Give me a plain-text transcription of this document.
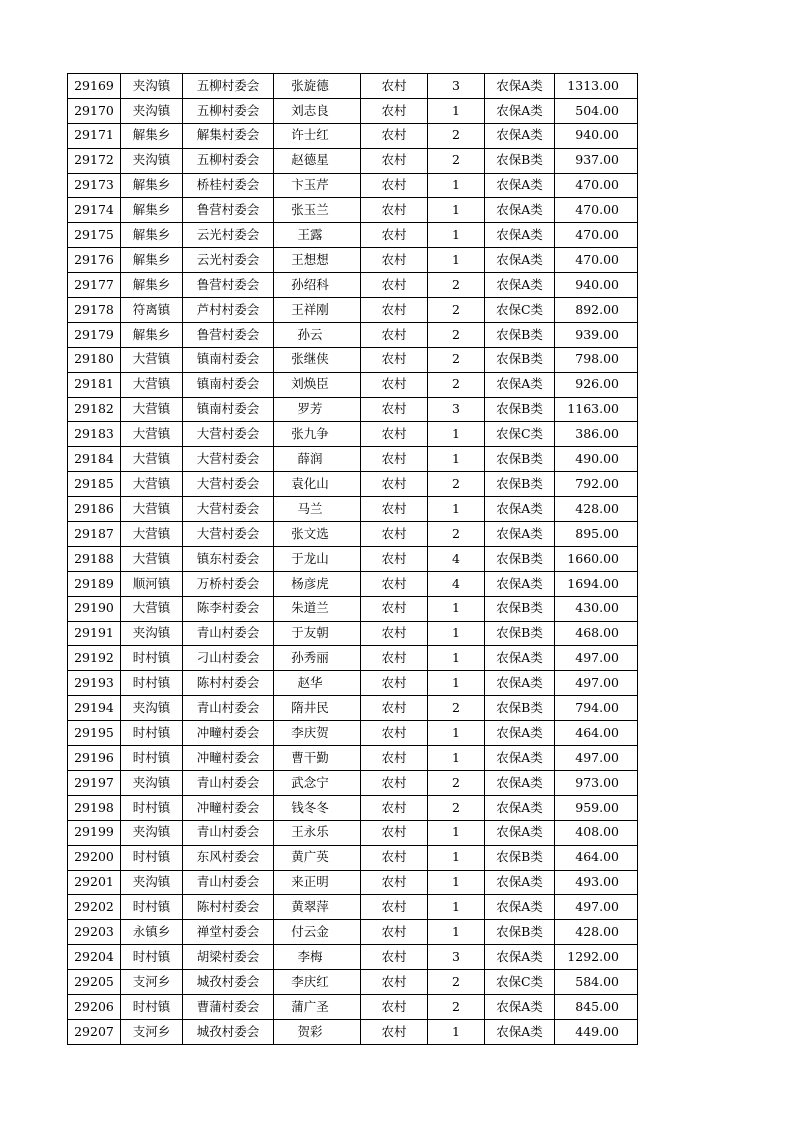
29169	夹沟镇	五柳村委会	张旋德	农村	3	农保A类	1313.00
29170	夹沟镇	五柳村委会	刘志良	农村	1	农保A类	504.00
29171	解集乡	解集村委会	许士红	农村	2	农保A类	940.00
29172	夹沟镇	五柳村委会	赵德星	农村	2	农保B类	937.00
29173	解集乡	桥桂村委会	卞玉芹	农村	1	农保A类	470.00
29174	解集乡	鲁营村委会	张玉兰	农村	1	农保A类	470.00
29175	解集乡	云光村委会	王露	农村	1	农保A类	470.00
29176	解集乡	云光村委会	王想想	农村	1	农保A类	470.00
29177	解集乡	鲁营村委会	孙绍科	农村	2	农保A类	940.00
29178	符离镇	芦村村委会	王祥刚	农村	2	农保C类	892.00
29179	解集乡	鲁营村委会	孙云	农村	2	农保B类	939.00
29180	大营镇	镇南村委会	张继侠	农村	2	农保B类	798.00
29181	大营镇	镇南村委会	刘焕臣	农村	2	农保A类	926.00
29182	大营镇	镇南村委会	罗芳	农村	3	农保B类	1163.00
29183	大营镇	大营村委会	张九争	农村	1	农保C类	386.00
29184	大营镇	大营村委会	薛润	农村	1	农保B类	490.00
29185	大营镇	大营村委会	袁化山	农村	2	农保B类	792.00
29186	大营镇	大营村委会	马兰	农村	1	农保A类	428.00
29187	大营镇	大营村委会	张文选	农村	2	农保A类	895.00
29188	大营镇	镇东村委会	于龙山	农村	4	农保B类	1660.00
29189	顺河镇	万桥村委会	杨彦虎	农村	4	农保A类	1694.00
29190	大营镇	陈李村委会	朱道兰	农村	1	农保B类	430.00
29191	夹沟镇	青山村委会	于友朝	农村	1	农保B类	468.00
29192	时村镇	刁山村委会	孙秀丽	农村	1	农保A类	497.00
29193	时村镇	陈村村委会	赵华	农村	1	农保A类	497.00
29194	夹沟镇	青山村委会	隋井民	农村	2	农保B类	794.00
29195	时村镇	冲疃村委会	李庆贺	农村	1	农保A类	464.00
29196	时村镇	冲疃村委会	曹干勤	农村	1	农保A类	497.00
29197	夹沟镇	青山村委会	武念宁	农村	2	农保A类	973.00
29198	时村镇	冲疃村委会	钱冬冬	农村	2	农保A类	959.00
29199	夹沟镇	青山村委会	王永乐	农村	1	农保A类	408.00
29200	时村镇	东风村委会	黄广英	农村	1	农保B类	464.00
29201	夹沟镇	青山村委会	来正明	农村	1	农保A类	493.00
29202	时村镇	陈村村委会	黄翠萍	农村	1	农保A类	497.00
29203	永镇乡	禅堂村委会	付云金	农村	1	农保B类	428.00
29204	时村镇	胡梁村委会	李梅	农村	3	农保A类	1292.00
29205	支河乡	城孜村委会	李庆红	农村	2	农保C类	584.00
29206	时村镇	曹蒲村委会	蒲广圣	农村	2	农保A类	845.00
29207	支河乡	城孜村委会	贺彩	农村	1	农保A类	449.00
